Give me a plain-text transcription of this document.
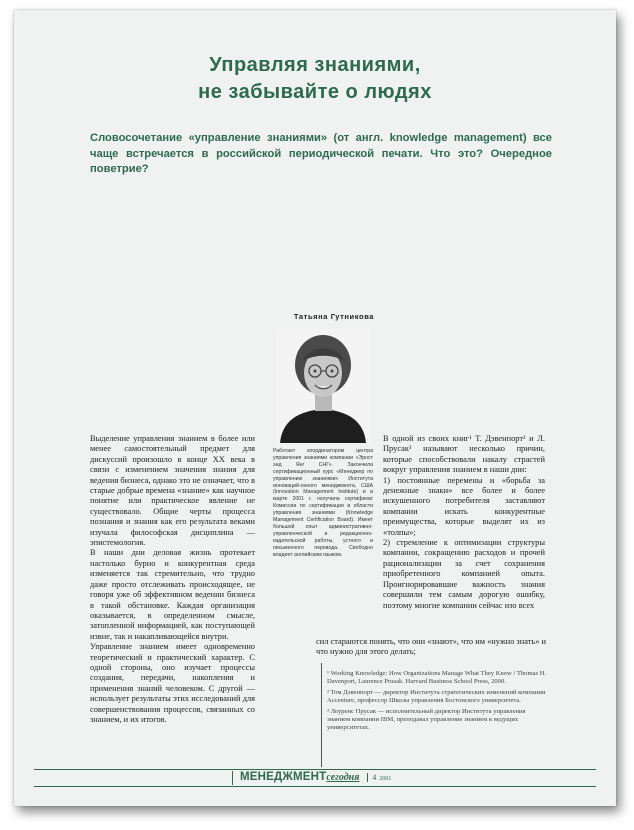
Управляя знаниями,
не забывайте о людях
Словосочетание «управление знаниями» (от англ. knowledge management) все чаще встречается в российской периодической печати. Что это? Очередное поветрие?
Татьяна Гутникова
Работает координатором центра управления знаниями компании «Эрнст энд Янг СНГ». Закончила сертификационный курс «Менеджер по управлению знаниями» Института инноваций-онного менеджмента, США (Innovation Management Institute) и в марте 2001 г. получила сертификат Комиссии по сертификации в области управления знаниями (Knowledge Management Certification Board). Имеет большой опыт административно-управленческой и редакционно-издательской работы, устного и письменного перевода. Свободно владеет английским языком.

Выделение управления знанием в более или менее самостоятельный предмет для дискуссий произошло в конце XX века в связи с изменением значения знания для ведения бизнеса, однако это не означает, что в старые добрые времена «знание» как научное понятие или практическое явление не существовало. Общие черты процесса познания и знания как его результата веками изучала философская дисциплина — эпистемология.

В наши дни деловая жизнь протекает настолько бурно и конкурентная среда изменяется так стремительно, что трудно даже просто отслеживать происходящее, не говоря уже об эффективном ведении бизнеса в такой обстановке. Каждая организация оказывается, в определенном смысле, затопленной информацией, как поступающей извне, так и накапливающейся внутри.

Управление знанием имеет одновременно теоретический и практический характер. С одной стороны, оно изучает процессы создания, передачи, накопления и применения знаний человеком. С другой — использует результаты этих исследований для совершенствования процессов, связанных со знанием, и их итогов.

В одной из своих книг¹ Т. Дэвенпорт² и Л. Прусак³ называют несколько причин, которые способствовали накалу страстей вокруг управления знанием в наши дни:

1) постоянные перемены и «борьба за денежные знаки» все более и более искушенного потребителя заставляют компании искать конкурентные преимущества, которые выделят их из «толпы»;

2) стремление к оптимизации структуры компании, сокращению расходов и прочей рационализации за счет сохранения приобретенного компанией опыта. Проигнорировавшие важность знания совершили тем самым дорогую ошибку, поэтому многие компании сейчас изо всех

сил стараются понять, что они «знают», что им «нужно знать» и что нужно для этого делать;

¹ Working Knowledge: How Organizations Manage What They Know / Thomas H. Davenport, Laurence Prusak. Harvard Business School Press, 2000.

² Том Дэвенпорт — директор Института стратегических изменений компании Accenture, профессор Школы управления Бостонского университета.

³ Лоуренс Прусак — исполнительный директор Института управления знанием компании IBM, преподавал управление знанием в ведущих университетах.

МЕНЕДЖМЕНТ сегодня	4 2001
